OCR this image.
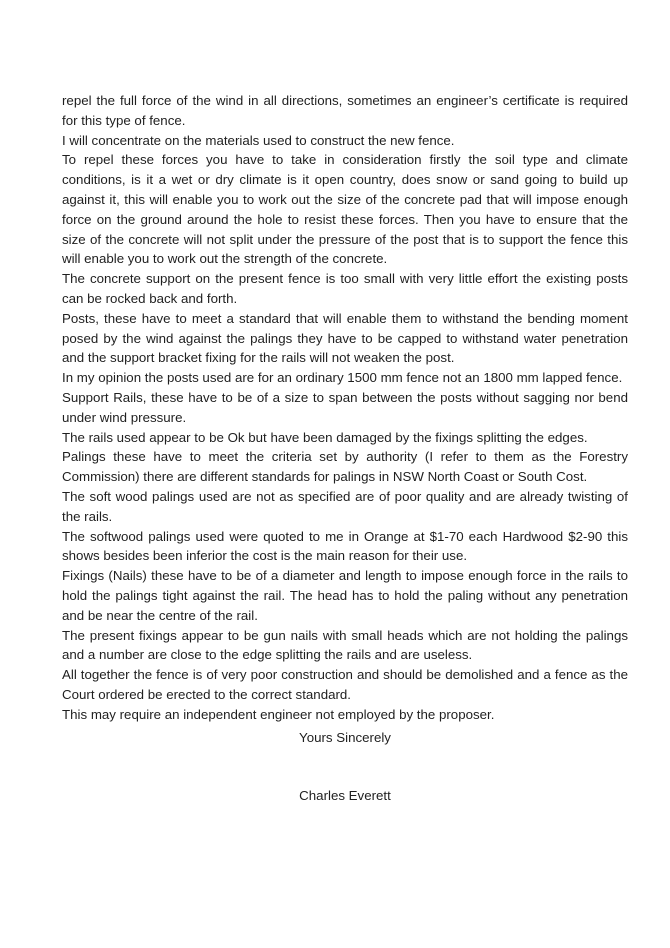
repel the full force of the wind in all directions, sometimes an engineer’s certificate is required for this type of fence.

I will concentrate on the materials used to construct the new fence.

To repel these forces you have to take in consideration firstly the soil type and climate conditions, is it a wet or dry climate is it open country, does snow or sand going to build up against it, this will enable you to work out the size of the concrete pad that will impose enough force on the ground around the hole to resist these forces. Then you have to ensure that the size of the concrete will not split under the pressure of the post that is to support the fence this will enable you to work out the strength of the concrete.

The concrete support on the present fence is too small with very little effort the existing posts can be rocked back and forth.

Posts, these have to meet a standard that will enable them to withstand the bending moment posed by the wind against the palings they have to be capped to withstand water penetration and the support bracket fixing for the rails will not weaken the post.

In my opinion the posts used are for an ordinary 1500 mm fence not an 1800 mm lapped fence.

Support Rails, these have to be of a size to span between the posts without sagging nor bend under wind pressure.

The rails used appear to be Ok but have been damaged by the fixings splitting the edges.

Palings these have to meet the criteria set by authority (I refer to them as the Forestry Commission) there are different standards for palings in NSW North Coast or South Cost.

The soft wood palings used are not as specified are of poor quality and are already twisting of the rails.

The softwood palings used were quoted to me in Orange at $1-70 each Hardwood $2-90 this shows besides been inferior the cost is the main reason for their use.

Fixings (Nails) these have to be of a diameter and length to impose enough force in the rails to hold the palings tight against the rail. The head has to hold the paling without any penetration and be near the centre of the rail.

The present fixings appear to be gun nails with small heads which are not holding the palings and a number are close to the edge splitting the rails and are useless.

All together the fence is of very poor construction and should be demolished and a fence as the Court ordered be erected to the correct standard.

This may require an independent engineer not employed by the proposer.

Yours Sincerely
Charles Everett
